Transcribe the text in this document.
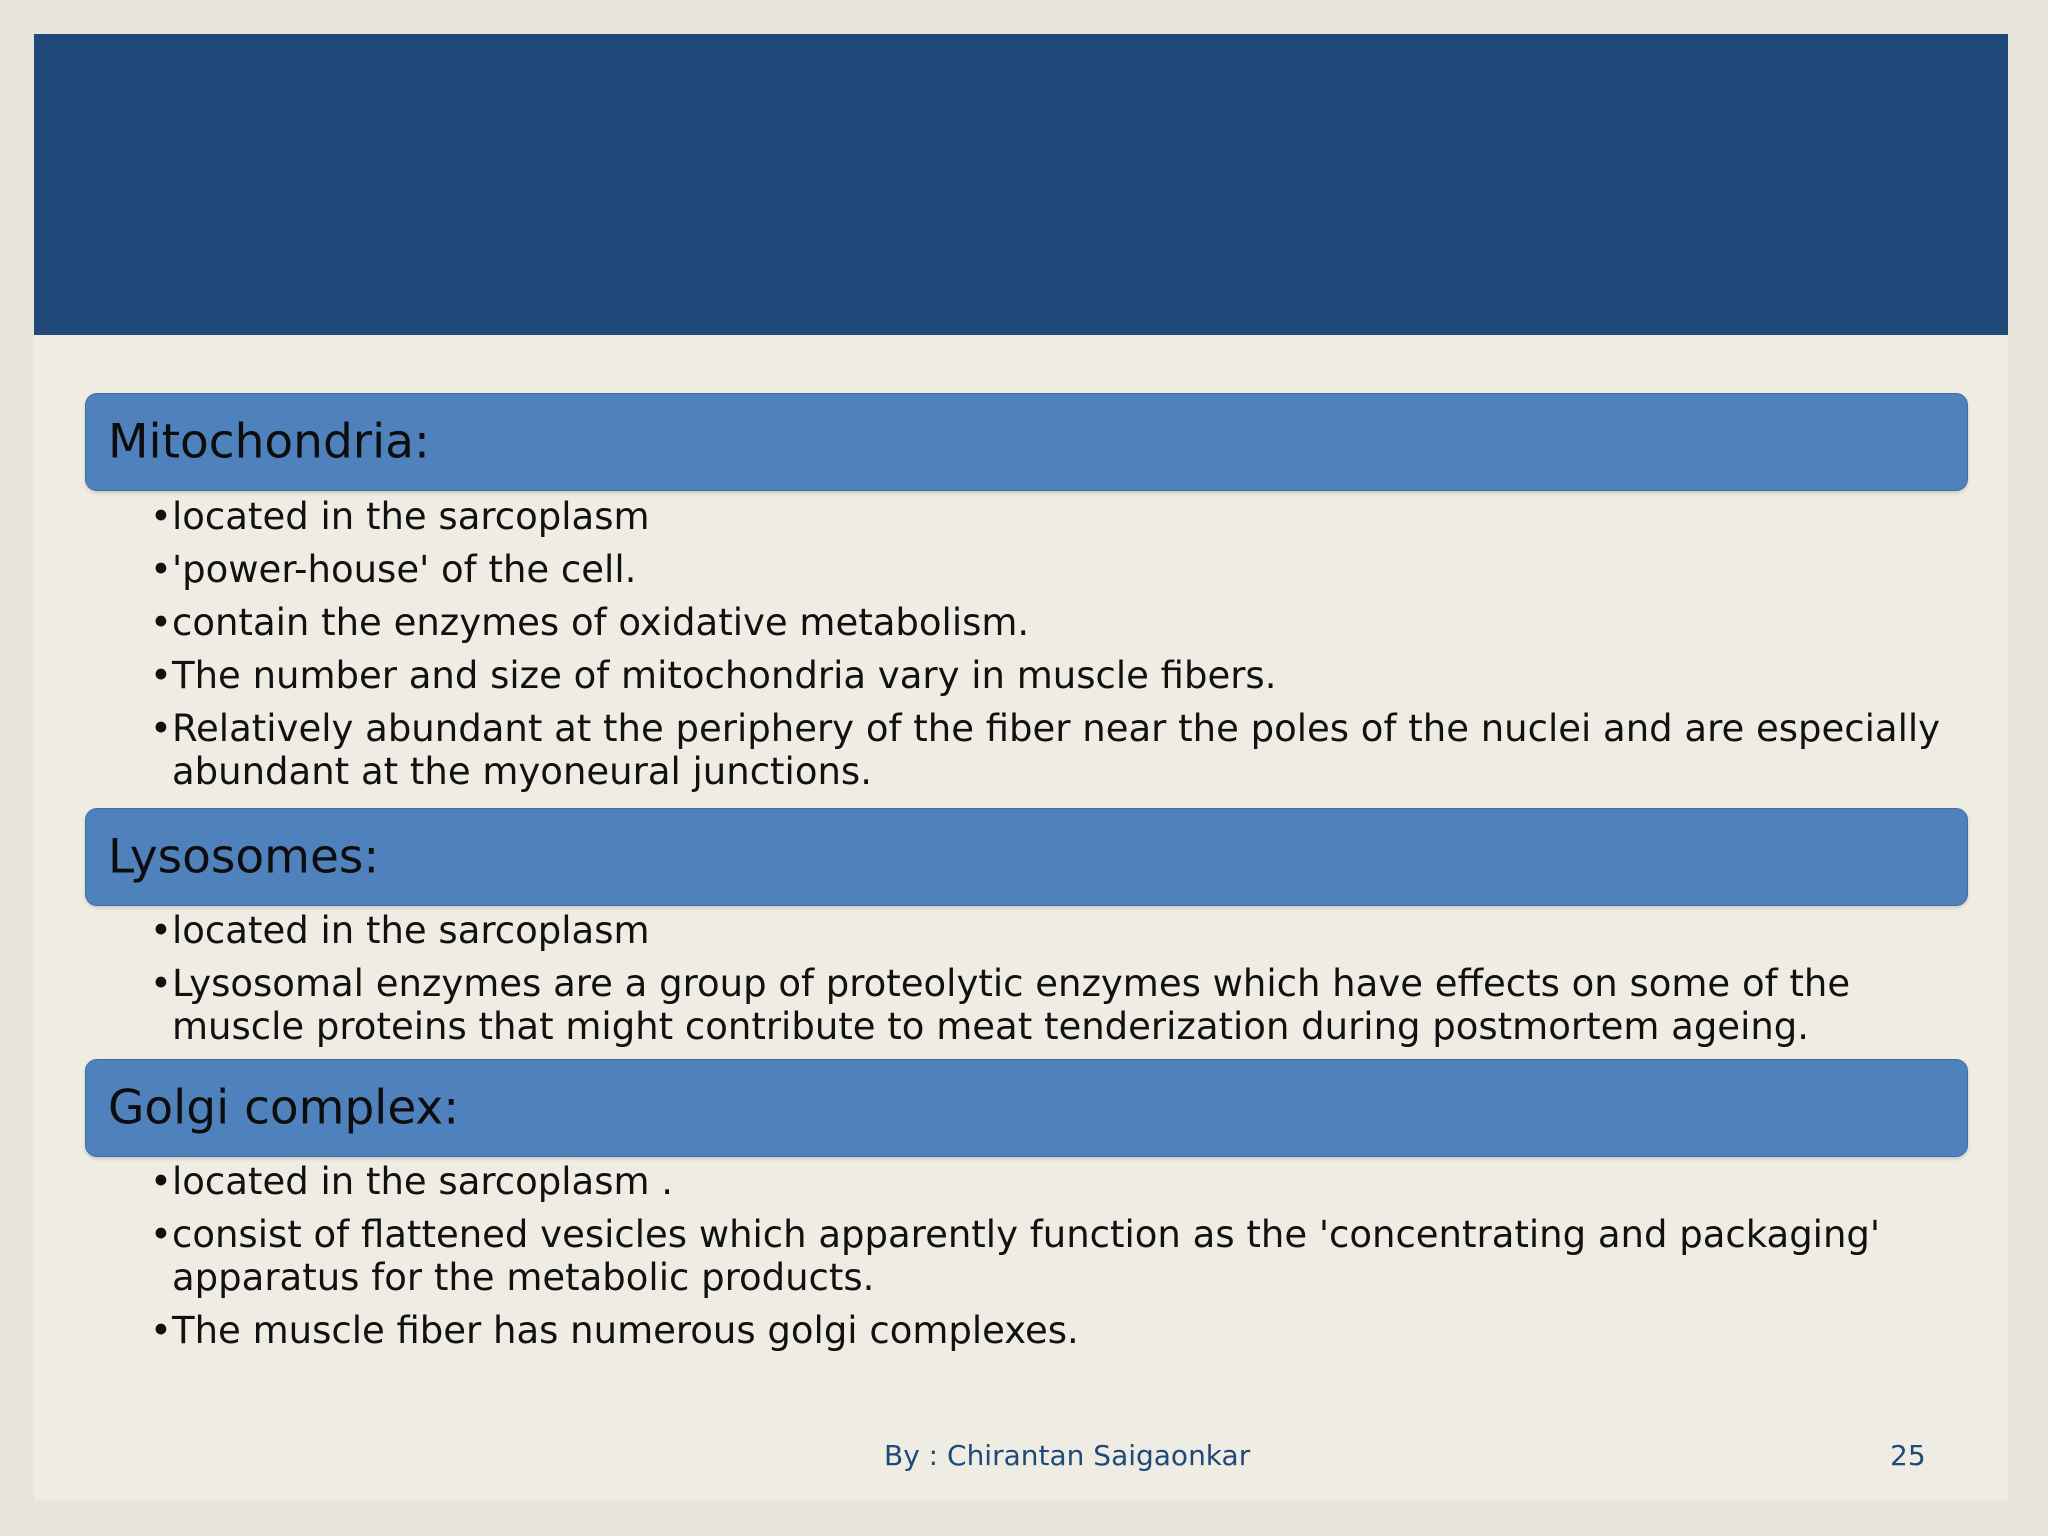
Mitochondria:
• located in the sarcoplasm
• 'power-house' of the cell.
• contain the enzymes of oxidative metabolism.
• The number and size of mitochondria vary in muscle fibers.
• Relatively abundant at the periphery of the fiber near the poles of the nuclei and are especially abundant at the myoneural junctions.
Lysosomes:
• located in the sarcoplasm
• Lysosomal enzymes are a group of proteolytic enzymes which have effects on some of the muscle proteins that might contribute to meat tenderization during postmortem ageing.
Golgi complex:
• located in the sarcoplasm .
• consist of flattened vesicles which apparently function as the 'concentrating and packaging' apparatus for the metabolic products.
• The muscle fiber has numerous golgi complexes.
By : Chirantan Saigaonkar	25
